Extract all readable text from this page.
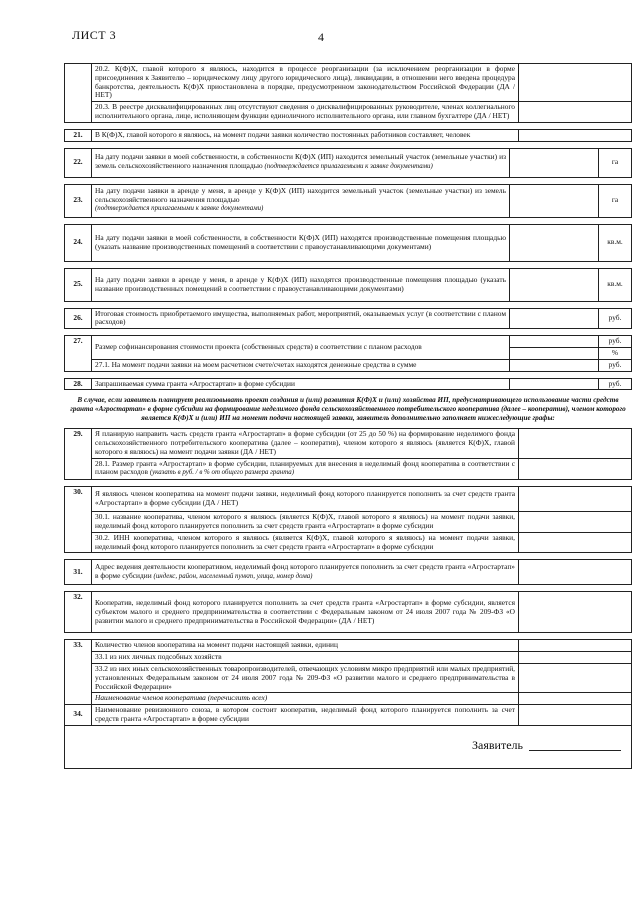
ЛИСТ 3	4
	20.2. К(Ф)Х, главой которого я являюсь, находится в процессе реорганизации (за исключением реорганизации в форме присоединения к Заявителю – юридическому лицу другого юридического лица), ликвидации, в отношении него введена процедура банкротства, деятельность К(Ф)Х приостановлена в порядке, предусмотренном законодательством Российской Федерации (ДА / НЕТ)	
	20.3. В реестре дисквалифицированных лиц отсутствуют сведения о дисквалифицированных руководителе, членах коллегиального исполнительного органа, лице, исполняющем функции единоличного исполнительного органа, или главном бухгалтере (ДА / НЕТ)	
21.	В К(Ф)Х, главой которого я являюсь, на момент подачи заявки количество постоянных работников составляет, человек	
22.	На дату подачи заявки в моей собственности, в собственности К(Ф)Х (ИП) находится земельный участок (земельные участки) из земель сельскохозяйственного назначения площадью (подтверждается прилагаемыми к заявке документами)		га
23.	На дату подачи заявки в аренде у меня, в аренде у К(Ф)Х (ИП) находится земельный участок (земельные участки) из земель сельскохозяйственного назначения площадью
(подтверждается прилагаемыми к заявке документами)		га
24.	На дату подачи заявки в моей собственности, в собственности К(Ф)Х (ИП) находятся производственные помещения площадью (указать название производственных помещений в соответствии с правоустанавливающими документами)		кв.м.
25.	На дату подачи заявки в аренде у меня, в аренде у К(Ф)Х (ИП) находятся производственные помещения площадью (указать название производственных помещений в соответствии с правоустанавливающими документами)		кв.м.
26.	Итоговая стоимость приобретаемого имущества, выполняемых работ, мероприятий, оказываемых услуг (в соответствии с планом расходов)		руб.
27.	Размер софинансирования стоимости проекта (собственных средств) в соответствии с планом расходов		руб.
			%
	27.1. На момент подачи заявки на моем расчетном счете/счетах находятся денежные средства в сумме		руб.
28.	Запрашиваемая сумма гранта «Агростартап» в форме субсидии		руб.
В случае, если заявитель планирует реализовывать проект создания и (или) развития К(Ф)Х и (или) хозяйства ИП, предусматривающего использование части средств гранта «Агростартап» в форме субсидии на формирование неделимого фонда сельскохозяйственного потребительского кооператива (далее – кооператив), членом которого является К(Ф)Х и (или) ИП на момент подачи настоящей заявки, заявитель дополнительно заполняет нижеследующие графы:
29.	Я планирую направить часть средств гранта «Агростартап» в форме субсидии (от 25 до 50 %) на формирование неделимого фонда сельскохозяйственного потребительского кооператива (далее – кооператив), членом которого я являюсь (является К(Ф)Х, главой которого я являюсь) на момент подачи заявки (ДА / НЕТ)	
	28.1. Размер гранта «Агростартап» в форме субсидии, планируемых для внесения в неделимый фонд кооператива в соответствии с планом расходов (указать в руб. / в % от общего размера гранта)	
30.	Я являюсь членом кооператива на момент подачи заявки, неделимый фонд которого планируется пополнить за счет средств гранта «Агростартап» в форме субсидии (ДА / НЕТ)	
	30.1. название кооператива, членом которого я являюсь (является К(Ф)Х, главой которого я являюсь) на момент подачи заявки, неделимый фонд которого планируется пополнить за счет средств гранта «Агростартап» в форме субсидии	
	30.2. ИНН кооператива, членом которого я являюсь (является К(Ф)Х, главой которого я являюсь) на момент подачи заявки, неделимый фонд которого планируется пополнить за счет средств гранта «Агростартап» в форме субсидии	
31.	Адрес ведения деятельности кооперативом, неделимый фонд которого планируется пополнить за счет средств гранта «Агростартап» в форме субсидии (индекс, район, населенный пункт, улица, номер дома)	
32.	Кооператив, неделимый фонд которого планируется пополнить за счет средств гранта «Агростартап» в форме субсидии, является субъектом малого и среднего предпринимательства в соответствии с Федеральным законом от 24 июля 2007 года № 209-ФЗ «О развитии малого и среднего предпринимательства в Российской Федерации» (ДА / НЕТ)	
33.	Количество членов кооператива на момент подачи настоящей заявки, единиц	
	33.1 из них личных подсобных хозяйств	
	33.2 из них иных сельскохозяйственных товаропроизводителей, отвечающих условиям микро предприятий или малых предприятий, установленных Федеральным законом от 24 июля 2007 года № 209-ФЗ «О развитии малого и среднего предпринимательства в Российской Федерации»	
	Наименование членов кооператива (перечислить всех)	
34.	Наименование ревизионного союза, в котором состоит кооператив, неделимый фонд которого планируется пополнить за счет средств гранта «Агростартап» в форме субсидии	
Заявитель
